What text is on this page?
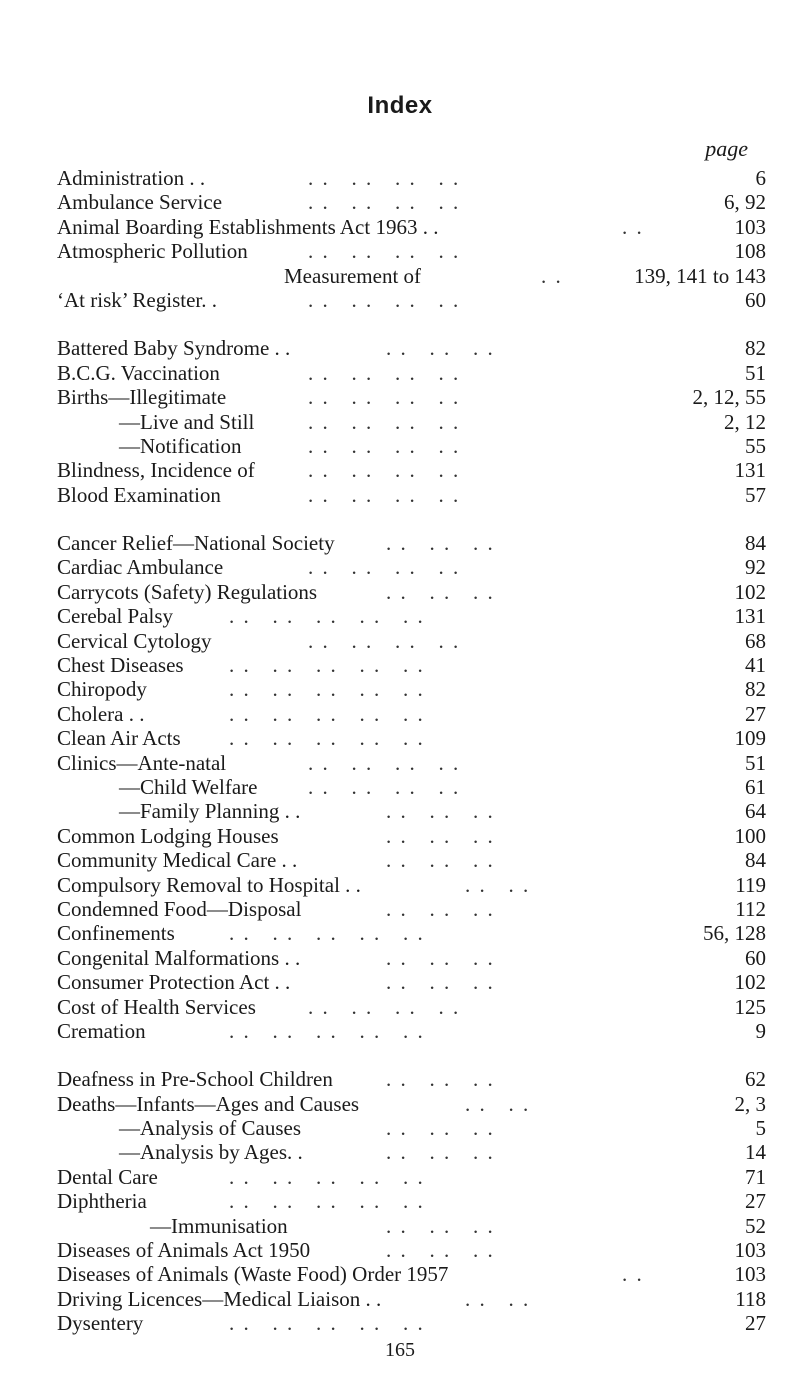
Index
page
Administration . .	. .   . .   . .   . .	6
Ambulance Service	. .   . .   . .   . .	6, 92
Animal Boarding Establishments Act 1963 . .	. .	103
Atmospheric Pollution	. .   . .   . .   . .	108
Measurement of	. .	139, 141 to 143
‘At risk’ Register. .	. .   . .   . .   . .	60
Battered Baby Syndrome . .	. .   . .   . .	82
B.C.G. Vaccination	. .   . .   . .   . .	51
Births—Illegitimate	. .   . .   . .   . .	2, 12, 55
—Live and Still	. .   . .   . .   . .	2, 12
—Notification	. .   . .   . .   . .	55
Blindness, Incidence of	. .   . .   . .   . .	131
Blood Examination	. .   . .   . .   . .	57
Cancer Relief—National Society . .   . .   . .	84
Cardiac Ambulance	. .   . .   . .   . .	92
Carrycots (Safety) Regulations	. .   . .   . .	102
Cerebal Palsy	. .   . .   . .   . .   . .	131
Cervical Cytology	. .   . .   . .   . .	68
Chest Diseases . .   . .   . .   . .   . .	41
Chiropody	. .   . .   . .   . .   . .	82
Cholera . .	. .   . .   . .   . .   . .	27
Clean Air Acts . .   . .   . .   . .   . .	109
Clinics—Ante-natal	. .   . .   . .   . .	51
—Child Welfare . .   . .   . .   . .	61
—Family Planning . .	. .   . .   . .	64
Common Lodging Houses	. .   . .   . .	100
Community Medical Care . .	. .   . .   . .	84
Compulsory Removal to Hospital . .	. .   . .	119
Condemned Food—Disposal	. .   . .   . .	112
Confinements	. .   . .   . .   . .   . .	56, 128
Congenital Malformations . .	. .   . .   . .	60
Consumer Protection Act . .	. .   . .   . .	102
Cost of Health Services . .   . .   . .   . .	125
Cremation	. .   . .   . .   . .   . .	9
Deafness in Pre-School Children	. .   . .   . .	62
Deaths—Infants—Ages and Causes	. .   . .	2, 3
—Analysis of Causes	. .   . .   . .	5
—Analysis by Ages. .	. .   . .   . .	14
Dental Care	. .   . .   . .   . .   . .	71
Diphtheria	. .   . .   . .   . .   . .	27
—Immunisation	. .   . .   . .	52
Diseases of Animals Act 1950	. .   . .   . .	103
Diseases of Animals (Waste Food) Order 1957	. .	103
Driving Licences—Medical Liaison . .	. .   . .	118
Dysentery	. .   . .   . .   . .   . .	27
165
